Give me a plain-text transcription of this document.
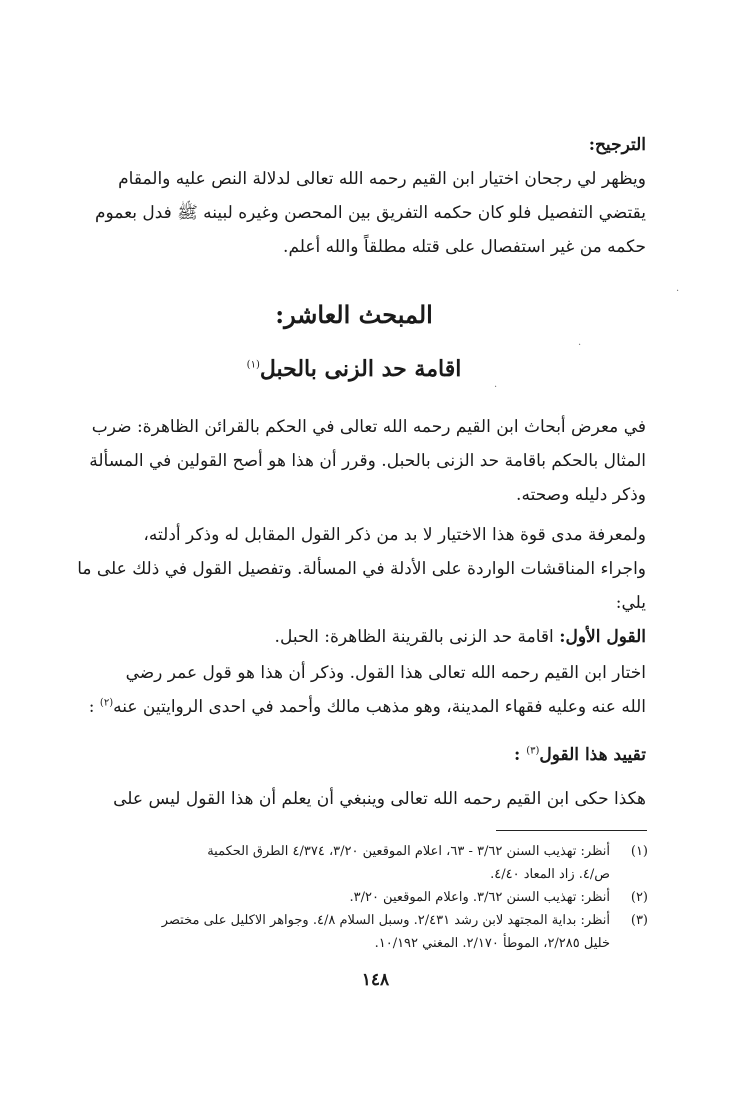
الترجيح:
ويظهر لي رجحان اختيار ابن القيم رحمه الله تعالى لدلالة النص عليه والمقام
يقتضي التفصيل فلو كان حكمه التفريق بين المحصن وغيره لبينه ﷺ فدل بعموم
حكمه من غير استفصال على قتله مطلقاً والله أعلم.
المبحث العاشر:
اقامة حد الزنى بالحبل$^{(١)}$
في معرض أبحاث ابن القيم رحمه الله تعالى في الحكم بالقرائن الظاهرة: ضرب
المثال بالحكم باقامة حد الزنى بالحبل. وقرر أن هذا هو أصح القولين في المسألة
وذكر دليله وصحته.
ولمعرفة مدى قوة هذا الاختيار لا بد من ذكر القول المقابل له وذكر أدلته،
واجراء المناقشات الواردة على الأدلة في المسألة. وتفصيل القول في ذلك على ما
يلي:
القول الأول: اقامة حد الزنى بالقرينة الظاهرة: الحبل.
اختار ابن القيم رحمه الله تعالى هذا القول. وذكر أن هذا هو قول عمر رضي
الله عنه وعليه فقهاء المدينة، وهو مذهب مالك وأحمد في احدى الروايتين عنه$^{(٢)}$ :
تقييد هذا القول$^{(٣)}$ :
هكذا حكى ابن القيم رحمه الله تعالى وينبغي أن يعلم أن هذا القول ليس على
(١)
أنظر: تهذيب السنن ٣/٦٢ - ٦٣، اعلام الموقعين ٣/٢٠، ٤/٣٧٤ الطرق الحكمية
ص/٤. زاد المعاد ٤/٤٠.
(٢)
أنظر: تهذيب السنن ٣/٦٢. واعلام الموقعين ٣/٢٠.
(٣)
أنظر: بداية المجتهد لابن رشد ٢/٤٣١. وسبل السلام ٤/٨. وجواهر الاكليل على مختصر
خليل ٢/٢٨٥، الموطأ ٢/١٧٠. المغني ١٠/١٩٢.
١٤٨
·
·
·
